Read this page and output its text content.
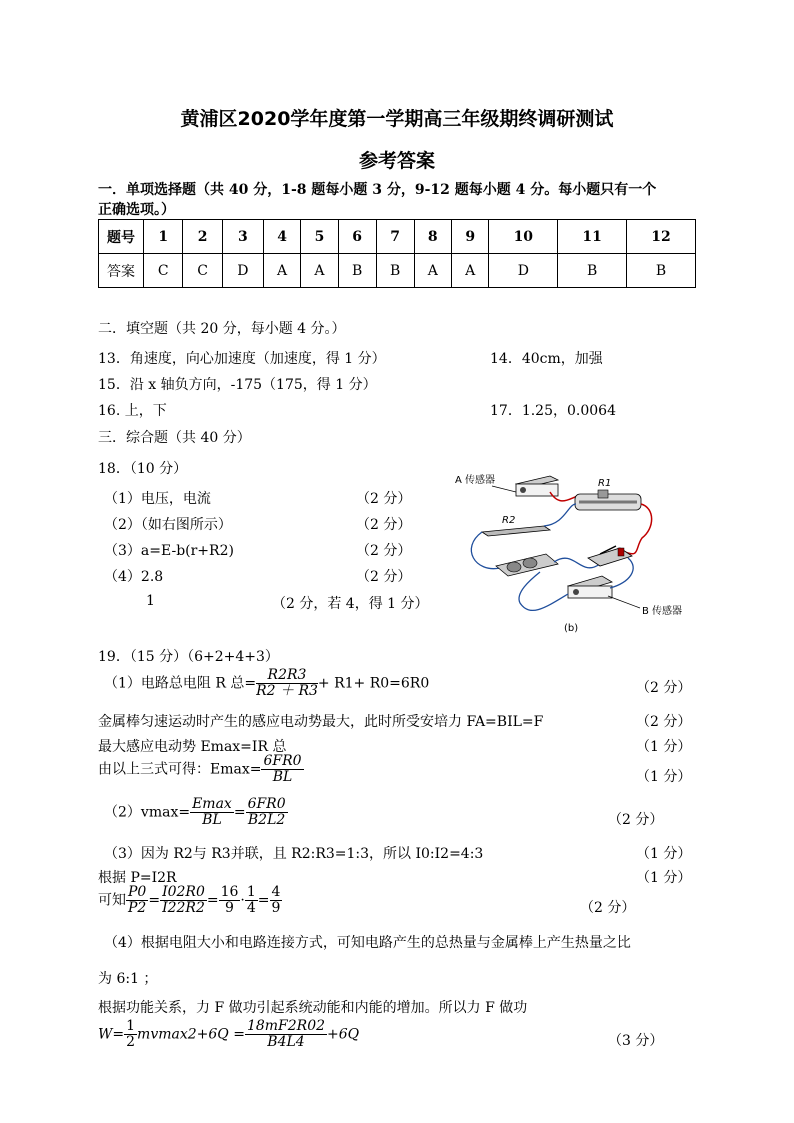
黄浦区2020学年度第一学期高三年级期终调研测试
参考答案
一．单项选择题（共 40 分，1-8 题每小题 3 分，9-12 题每小题 4 分。每小题只有一个
正确选项。）
题号	1	2	3	4	5	6	7	8	9	10	11	12
答案	C	C	D	A	A	B	B	A	A	D	B	B
二．填空题（共 20 分，每小题 4 分。）
13．角速度，向心加速度（加速度，得 1 分）	14．40cm，加强
15．沿 x 轴负方向，-175（175，得 1 分）
16. 上，下	17．1.25，0.0064
三．综合题（共 40 分）
18．（10 分）
（1）电压，电流	（2 分）
（2）（如右图所示）	（2 分）
（3）a=E-b(r+R2)	（2 分）
（4）2.8	（2 分）
1	（2 分，若 4，得 1 分）
A 传感器	R1
R2
B 传感器
(b)
19．（15 分）（6+2+4+3）
（1）电路总电阻 R 总= $\frac{R2R3}{R2 + R3} + R1+ R0=6R0$	（2 分）
金属棒匀速运动时产生的感应电动势最大，此时所受安培力 FA=BIL=F	（2 分）
最大感应电动势 Emax=IR 总	（1 分）
由以上三式可得：$Emax= \frac{6FR0}{BL}$	（1 分）
$(2)vmax= \frac{Emax}{BL} = \frac{6FR0}{B2L2}$	（2 分）
（3）因为 R2与 R3并联，且 R2:R3=1:3，所以 I0:I2=4:3	（1 分）
根据 P=I2R	（1 分）
可知 $\frac{P0}{P2} = \frac{I02R0}{I22R2} = \frac{16}{9} \cdot \frac{1}{4} = \frac{4}{9}$	（2 分）
（4）根据电阻大小和电路连接方式，可知电路产生的总热量与金属棒上产生热量之比
为 6:1 ；
根据功能关系，力 F 做功引起系统动能和内能的增加。所以力 F 做功
$W= \frac{1}{2} mvmax2+6Q = \frac{18mF2R02}{B4L4} +6Q$	（3 分）
